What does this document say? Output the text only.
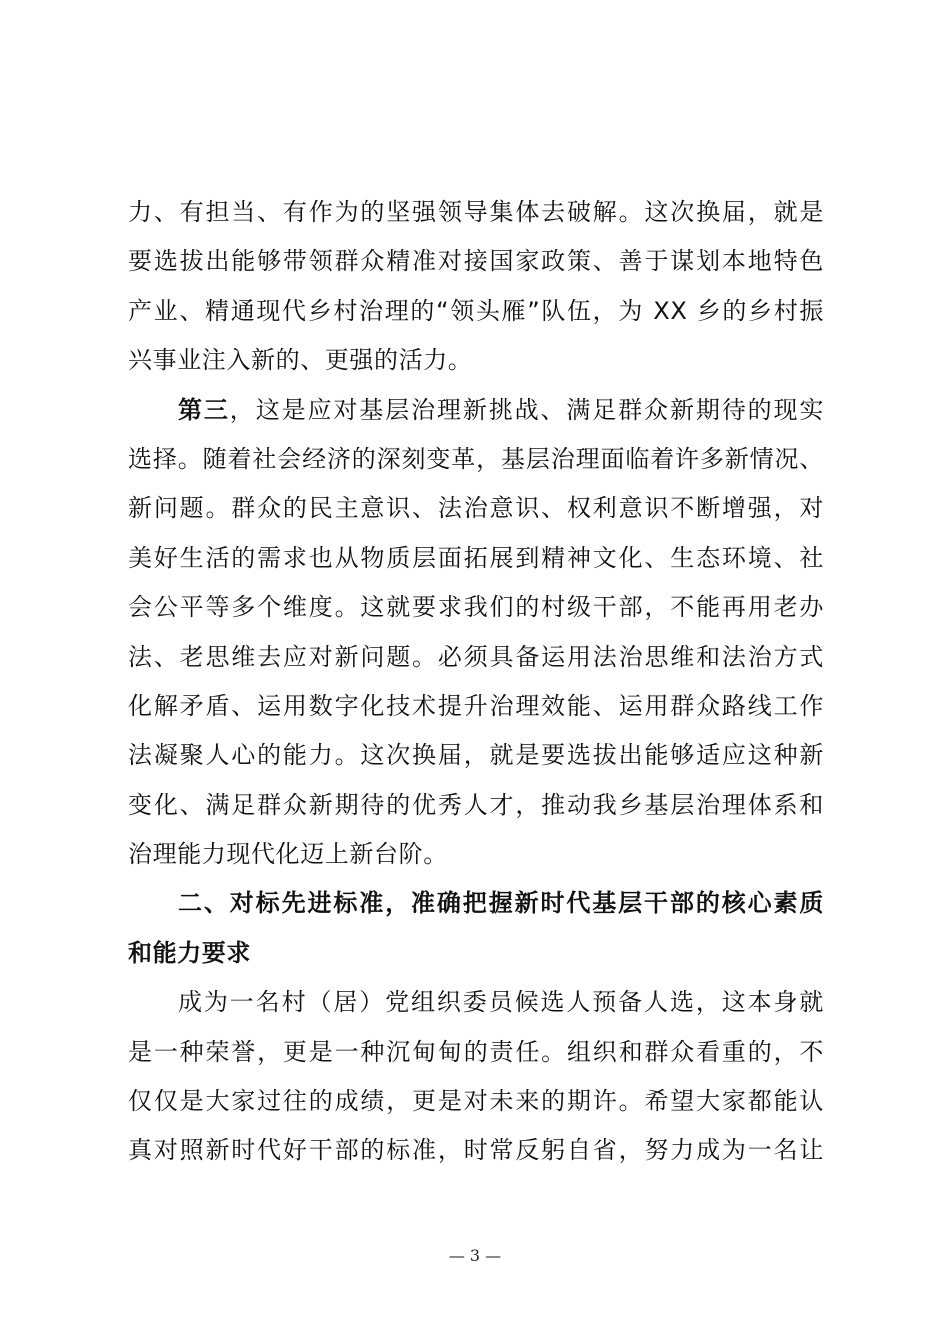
力、有担当、有作为的坚强领导集体去破解。这次换届，就是
要选拔出能够带领群众精准对接国家政策、善于谋划本地特色
产业、精通现代乡村治理的“领头雁”队伍，为 XX 乡的乡村振
兴事业注入新的、更强的活力。
第三，这是应对基层治理新挑战、满足群众新期待的现实
选择。随着社会经济的深刻变革，基层治理面临着许多新情况、
新问题。群众的民主意识、法治意识、权利意识不断增强，对
美好生活的需求也从物质层面拓展到精神文化、生态环境、社
会公平等多个维度。这就要求我们的村级干部，不能再用老办
法、老思维去应对新问题。必须具备运用法治思维和法治方式
化解矛盾、运用数字化技术提升治理效能、运用群众路线工作
法凝聚人心的能力。这次换届，就是要选拔出能够适应这种新
变化、满足群众新期待的优秀人才，推动我乡基层治理体系和
治理能力现代化迈上新台阶。
二、对标先进标准，准确把握新时代基层干部的核心素质
和能力要求
成为一名村（居）党组织委员候选人预备人选，这本身就
是一种荣誉，更是一种沉甸甸的责任。组织和群众看重的，不
仅仅是大家过往的成绩，更是对未来的期许。希望大家都能认
真对照新时代好干部的标准，时常反躬自省，努力成为一名让
— 3 —
